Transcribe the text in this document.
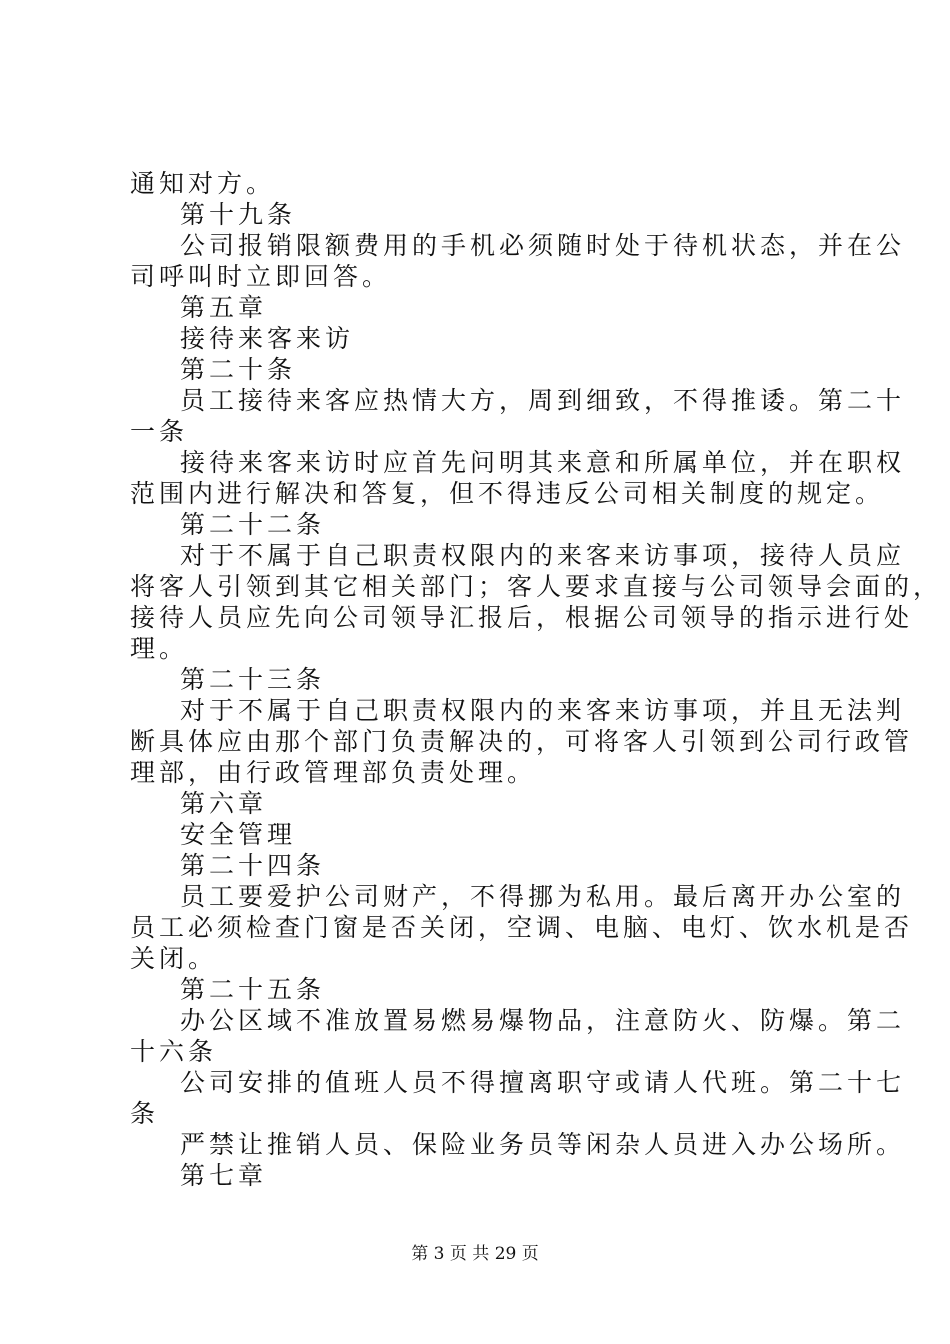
通知对方。
第十九条
公司报销限额费用的手机必须随时处于待机状态，并在公
司呼叫时立即回答。
第五章
接待来客来访
第二十条
员工接待来客应热情大方，周到细致，不得推诿。第二十
一条
接待来客来访时应首先问明其来意和所属单位，并在职权
范围内进行解决和答复，但不得违反公司相关制度的规定。
第二十二条
对于不属于自己职责权限内的来客来访事项，接待人员应
将客人引领到其它相关部门；客人要求直接与公司领导会面的，
接待人员应先向公司领导汇报后，根据公司领导的指示进行处
理。
第二十三条
对于不属于自己职责权限内的来客来访事项，并且无法判
断具体应由那个部门负责解决的，可将客人引领到公司行政管
理部，由行政管理部负责处理。
第六章
安全管理
第二十四条
员工要爱护公司财产，不得挪为私用。最后离开办公室的
员工必须检查门窗是否关闭，空调、电脑、电灯、饮水机是否
关闭。
第二十五条
办公区域不准放置易燃易爆物品，注意防火、防爆。第二
十六条
公司安排的值班人员不得擅离职守或请人代班。第二十七
条
严禁让推销人员、保险业务员等闲杂人员进入办公场所。
第七章
第 3 页 共 29 页
